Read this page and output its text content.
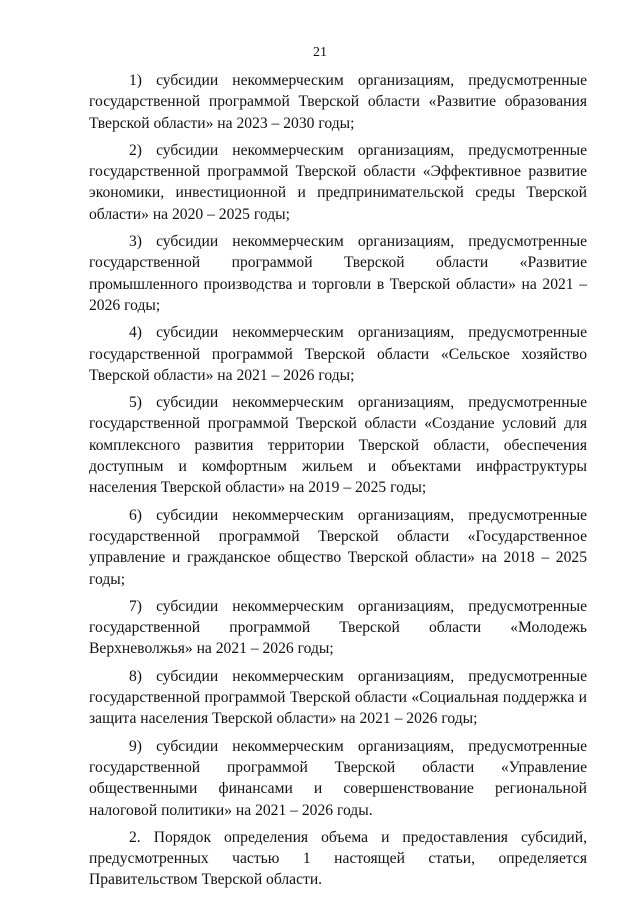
21

1) субсидии некоммерческим организациям, предусмотренные государственной программой Тверской области «Развитие образования Тверской области» на 2023 – 2030 годы;

2) субсидии некоммерческим организациям, предусмотренные государственной программой Тверской области «Эффективное развитие экономики, инвестиционной и предпринимательской среды Тверской области» на 2020 – 2025 годы;

3) субсидии некоммерческим организациям, предусмотренные государственной программой Тверской области «Развитие промышленного производства и торговли в Тверской области» на 2021 – 2026 годы;

4) субсидии некоммерческим организациям, предусмотренные государственной программой Тверской области «Сельское хозяйство Тверской области» на 2021 – 2026 годы;

5) субсидии некоммерческим организациям, предусмотренные государственной программой Тверской области «Создание условий для комплексного развития территории Тверской области, обеспечения доступным и комфортным жильем и объектами инфраструктуры населения Тверской области» на 2019 – 2025 годы;

6) субсидии некоммерческим организациям, предусмотренные государственной программой Тверской области «Государственное управление и гражданское общество Тверской области» на 2018 – 2025 годы;

7) субсидии некоммерческим организациям, предусмотренные государственной программой Тверской области «Молодежь Верхневолжья» на 2021 – 2026 годы;

8) субсидии некоммерческим организациям, предусмотренные государственной программой Тверской области «Социальная поддержка и защита населения Тверской области» на 2021 – 2026 годы;

9) субсидии некоммерческим организациям, предусмотренные государственной программой Тверской области «Управление общественными финансами и совершенствование региональной налоговой политики» на 2021 – 2026 годы.

2. Порядок определения объема и предоставления субсидий, предусмотренных частью 1 настоящей статьи, определяется Правительством Тверской области.
